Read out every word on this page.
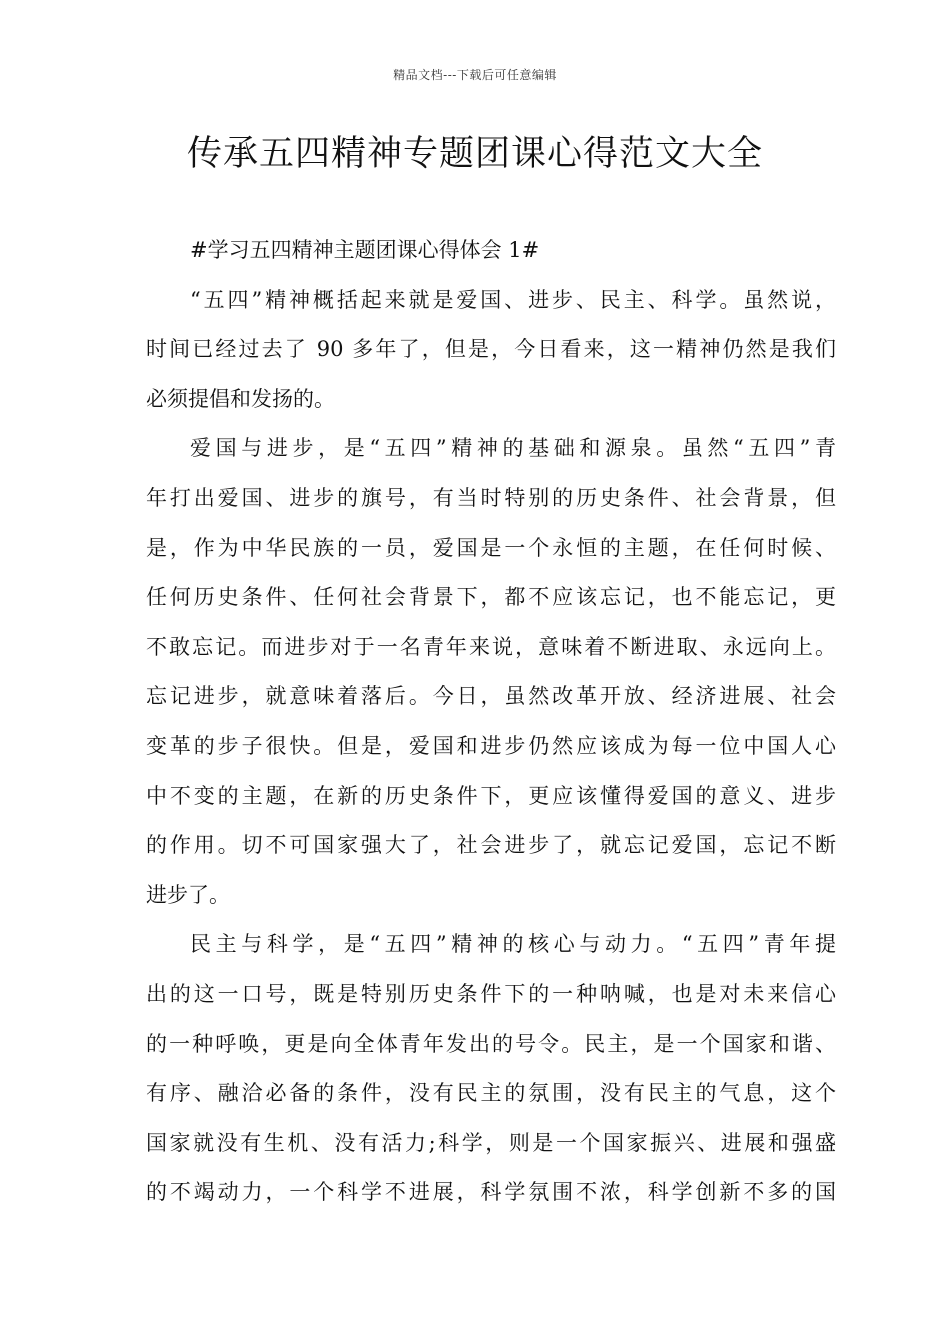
精品文档---下载后可任意编辑
传承五四精神专题团课心得范文大全
#学习五四精神主题团课心得体会 1#
“五四”精神概括起来就是爱国、进步、民主、科学。虽然说，
时间已经过去了 90 多年了，但是，今日看来，这一精神仍然是我们
必须提倡和发扬的。
爱国与进步，是“五四”精神的基础和源泉。虽然“五四”青
年打出爱国、进步的旗号，有当时特别的历史条件、社会背景，但
是，作为中华民族的一员，爱国是一个永恒的主题，在任何时候、
任何历史条件、任何社会背景下，都不应该忘记，也不能忘记，更
不敢忘记。而进步对于一名青年来说，意味着不断进取、永远向上。
忘记进步，就意味着落后。今日，虽然改革开放、经济进展、社会
变革的步子很快。但是，爱国和进步仍然应该成为每一位中国人心
中不变的主题，在新的历史条件下，更应该懂得爱国的意义、进步
的作用。切不可国家强大了，社会进步了，就忘记爱国，忘记不断
进步了。
民主与科学，是“五四”精神的核心与动力。“五四”青年提
出的这一口号，既是特别历史条件下的一种呐喊，也是对未来信心
的一种呼唤，更是向全体青年发出的号令。民主，是一个国家和谐、
有序、融洽必备的条件，没有民主的氛围，没有民主的气息，这个
国家就没有生机、没有活力;科学，则是一个国家振兴、进展和强盛
的不竭动力，一个科学不进展，科学氛围不浓，科学创新不多的国
